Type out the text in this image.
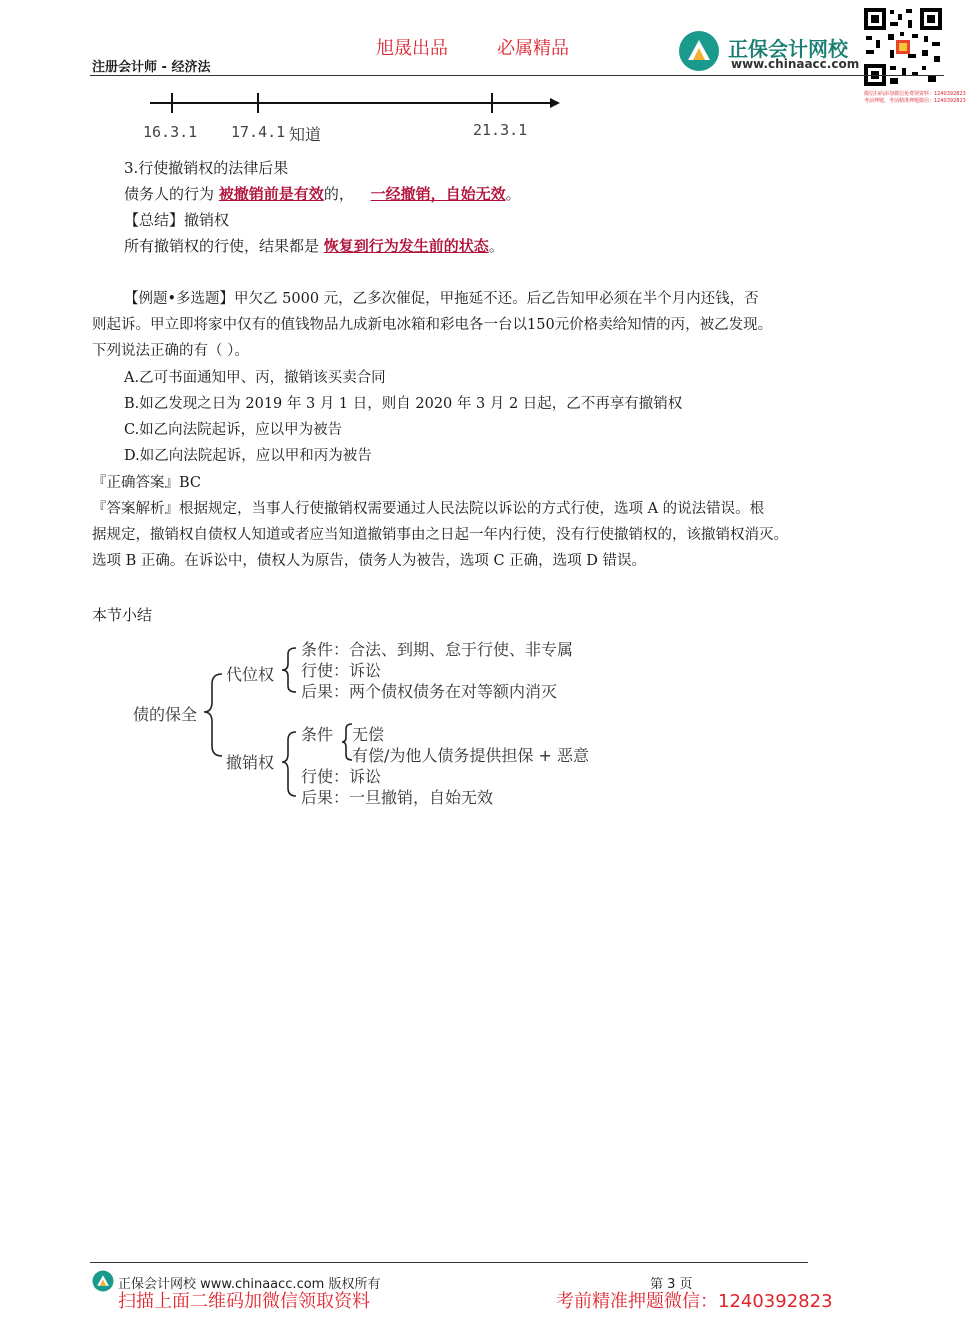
旭晟出品	必属精品
注册会计师 - 经济法
正保会计网校
www.chinaacc.com
微信扫码添加微信免费领资料：1240392823
考前押题，考前精准押题微信：1240392823
16.3.1 17.4.1 知道	21.3.1
3.行使撤销权的法律后果
债务人的行为 被撤销前是有效的， 一经撤销，自始无效。
【总结】撤销权
所有撤销权的行使，结果都是 恢复到行为发生前的状态。
【例题•多选题】甲欠乙 5000 元，乙多次催促，甲拖延不还。后乙告知甲必须在半个月内还钱，否
则起诉。甲立即将家中仅有的值钱物品九成新电冰箱和彩电各一台以150元价格卖给知情的丙，被乙发现。
下列说法正确的有（ ）。
A.乙可书面通知甲、丙，撤销该买卖合同
B.如乙发现之日为 2019 年 3 月 1 日，则自 2020 年 3 月 2 日起，乙不再享有撤销权
C.如乙向法院起诉，应以甲为被告
D.如乙向法院起诉，应以甲和丙为被告
『正确答案』BC
『答案解析』根据规定，当事人行使撤销权需要通过人民法院以诉讼的方式行使，选项 A 的说法错误。根
据规定，撤销权自债权人知道或者应当知道撤销事由之日起一年内行使，没有行使撤销权的，该撤销权消灭。
选项 B 正确。在诉讼中，债权人为原告，债务人为被告，选项 C 正确，选项 D 错误。
本节小结
债的保全
代位权
条件：合法、到期、怠于行使、非专属
行使：诉讼
后果：两个债权债务在对等额内消灭
撤销权
条件 无偿
有偿/为他人债务提供担保 + 恶意
行使：诉讼
后果：一旦撤销，自始无效
正保会计网校 www.chinaacc.com 版权所有	第 3 页
扫描上面二维码加微信领取资料	考前精准押题微信：1240392823
